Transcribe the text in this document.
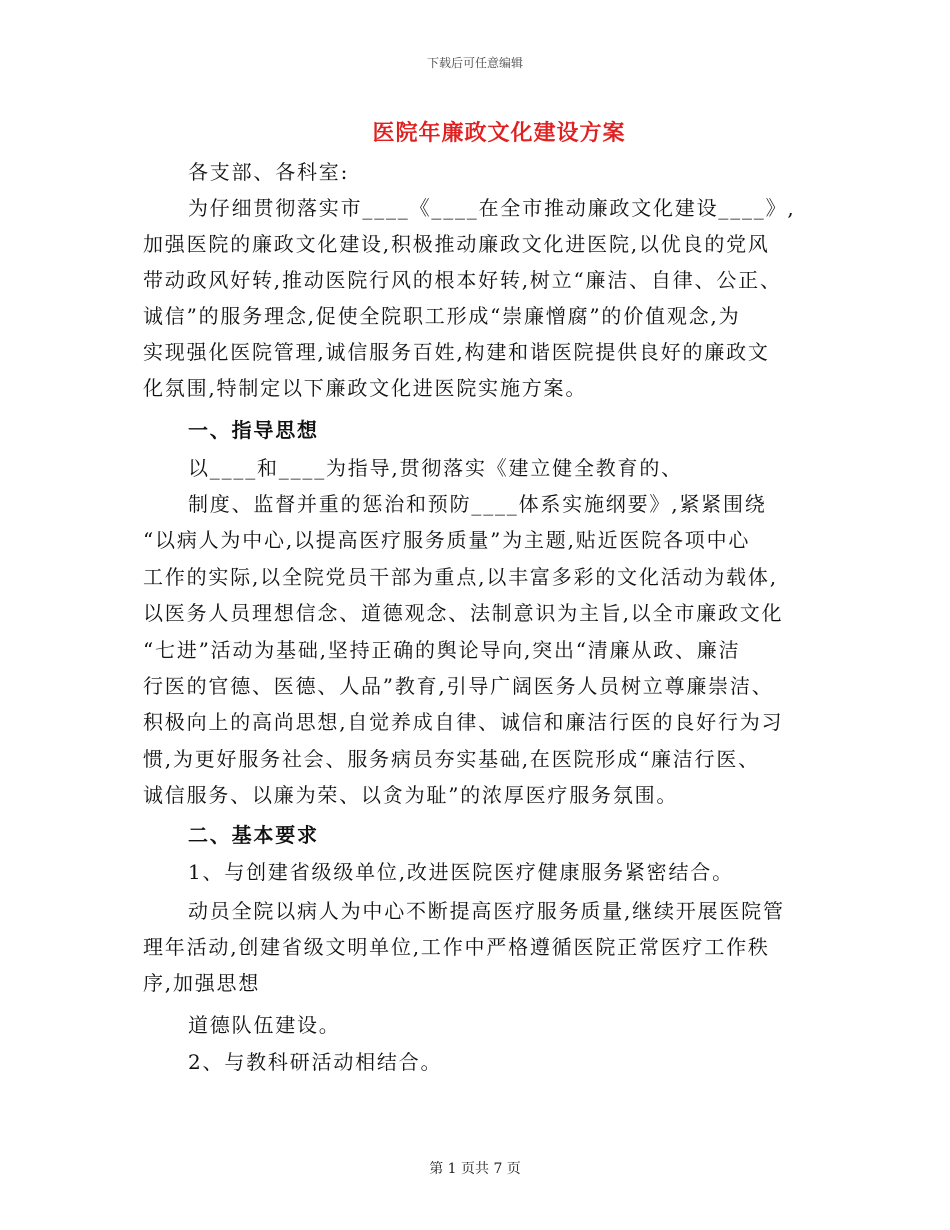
下载后可任意编辑
医院年廉政文化建设方案
各支部、各科室:
为仔细贯彻落实市____《____在全市推动廉政文化建设____》,
加强医院的廉政文化建设,积极推动廉政文化进医院,以优良的党风
带动政风好转,推动医院行风的根本好转,树立“廉洁、自律、公正、
诚信”的服务理念,促使全院职工形成“崇廉憎腐”的价值观念,为
实现强化医院管理,诚信服务百姓,构建和谐医院提供良好的廉政文
化氛围,特制定以下廉政文化进医院实施方案。
一、指导思想
以____和____为指导,贯彻落实《建立健全教育的、
制度、监督并重的惩治和预防____体系实施纲要》,紧紧围绕
“以病人为中心,以提高医疗服务质量”为主题,贴近医院各项中心
工作的实际,以全院党员干部为重点,以丰富多彩的文化活动为载体,
以医务人员理想信念、道德观念、法制意识为主旨,以全市廉政文化
“七进”活动为基础,坚持正确的舆论导向,突出“清廉从政、廉洁
行医的官德、医德、人品”教育,引导广阔医务人员树立尊廉崇洁、
积极向上的高尚思想,自觉养成自律、诚信和廉洁行医的良好行为习
惯,为更好服务社会、服务病员夯实基础,在医院形成“廉洁行医、
诚信服务、以廉为荣、以贪为耻”的浓厚医疗服务氛围。
二、基本要求
1、与创建省级级单位,改进医院医疗健康服务紧密结合。
动员全院以病人为中心不断提高医疗服务质量,继续开展医院管
理年活动,创建省级文明单位,工作中严格遵循医院正常医疗工作秩
序,加强思想
道德队伍建设。
2、与教科研活动相结合。
第 1 页共 7 页
